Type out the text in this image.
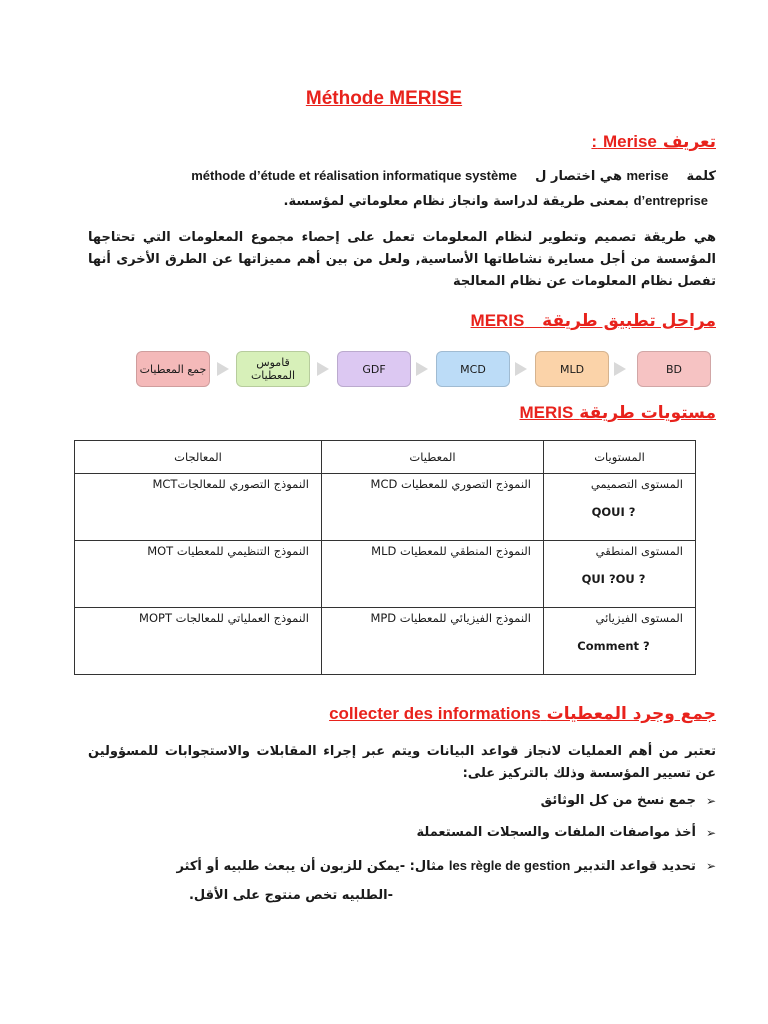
Méthode MERISE
تعريف Merise :
كلمة    merise هي اختصار ل    méthode d’étude et réalisation informatique système
d’entreprise بمعنى طريقة لدراسة وانجاز نظام معلوماتي لمؤسسة.
هي طريقة تصميم وتطوير لنظام المعلومات تعمل على إحصاء مجموع المعلومات التي تحتاجها المؤسسة من أجل مسايرة نشاطاتها الأساسية, ولعل من بين أهم مميزاتها عن الطرق الأخرى أنها تفصل نظام المعلومات عن نظام المعالجة
مراحل تطبيق طريقة   MERIS
جمع المعطيات	قاموس المعطيات	GDF	MCD	MLD	BD
مستويات طريقة MERIS
المعالجات	المعطيات	المستويات
النموذج التصوري للمعالجاتMCT	النموذج التصوري للمعطيات MCD	المستوى التصميمي
QOUI ?

النموذج التنظيمي للمعطيات MOT	النموذج المنطقي للمعطيات MLD	المستوى المنطقي
QUI ?OU ?

النموذج العملياتي للمعالجات MOPT	النموذج الفيزيائي للمعطيات MPD	المستوى الفيزيائي
Comment ?
جمع وجرد المعطيات collecter des informations
تعتبر من أهم العمليات لانجاز قواعد البيانات ويتم عبر إجراء المقابلات والاستجوابات للمسؤولين عن تسيير المؤسسة وذلك بالتركيز على:
➢
جمع نسخ من كل الوثائق
➢
أخذ مواصفات الملفات والسجلات المستعملة
➢
تحديد قواعد التدبير les règle de gestion مثال: -يمكن للزبون أن يبعث طلبيه أو أكثر
-الطلبيه تخص منتوج على الأقل.
